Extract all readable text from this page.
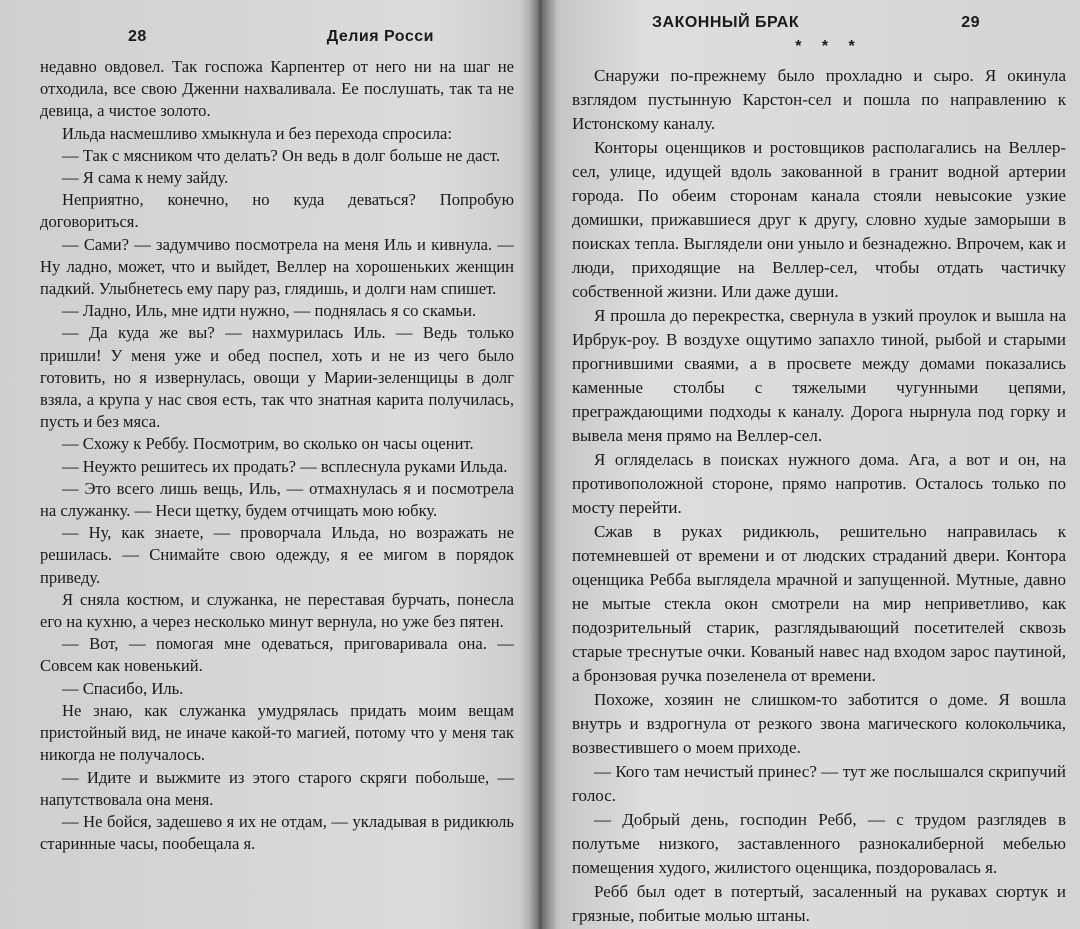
28	Делия Росси

недавно овдовел. Так госпожа Карпентер от него ни на шаг не отходила, все свою Дженни нахваливала. Ее послушать, так та не девица, а чистое золото.

Ильда насмешливо хмыкнула и без перехода спросила:

— Так с мясником что делать? Он ведь в долг больше не даст.

— Я сама к нему зайду.

Неприятно, конечно, но куда деваться? Попробую договориться.

— Сами? — задумчиво посмотрела на меня Иль и кивнула. — Ну ладно, может, что и выйдет, Веллер на хорошеньких женщин падкий. Улыбнетесь ему пару раз, глядишь, и долги нам спишет.

— Ладно, Иль, мне идти нужно, — поднялась я со скамьи.

— Да куда же вы? — нахмурилась Иль. — Ведь только пришли! У меня уже и обед поспел, хоть и не из чего было готовить, но я извернулась, овощи у Марии-зеленщицы в долг взяла, а крупа у нас своя есть, так что знатная карита получилась, пусть и без мяса.

— Схожу к Реббу. Посмотрим, во сколько он часы оценит.

— Неужто решитесь их продать? — всплеснула руками Ильда.

— Это всего лишь вещь, Иль, — отмахнулась я и посмотрела на служанку. — Неси щетку, будем отчищать мою юбку.

— Ну, как знаете, — проворчала Ильда, но возражать не решилась. — Снимайте свою одежду, я ее мигом в порядок приведу.

Я сняла костюм, и служанка, не переставая бурчать, понесла его на кухню, а через несколько минут вернула, но уже без пятен.

— Вот, — помогая мне одеваться, приговаривала она. — Совсем как новенький.

— Спасибо, Иль.

Не знаю, как служанка умудрялась придать моим вещам пристойный вид, не иначе какой-то магией, потому что у меня так никогда не получалось.

— Идите и выжмите из этого старого скряги побольше, — напутствовала она меня.

— Не бойся, задешево я их не отдам, — укладывая в ридикюль старинные часы, пообещала я.

ЗАКОННЫЙ БРАК	29
* * *

Снаружи по-прежнему было прохладно и сыро. Я окинула взглядом пустынную Карстон-сел и пошла по направлению к Истонскому каналу.

Конторы оценщиков и ростовщиков располагались на Веллер-сел, улице, идущей вдоль закованной в гранит водной артерии города. По обеим сторонам канала стояли невысокие узкие домишки, прижавшиеся друг к другу, словно худые заморыши в поисках тепла. Выглядели они уныло и безнадежно. Впрочем, как и люди, приходящие на Веллер-сел, чтобы отдать частичку собственной жизни. Или даже души.

Я прошла до перекрестка, свернула в узкий проулок и вышла на Ирбрук-роу. В воздухе ощутимо запахло тиной, рыбой и старыми прогнившими сваями, а в просвете между домами показались каменные столбы с тяжелыми чугунными цепями, преграждающими подходы к каналу. Дорога нырнула под горку и вывела меня прямо на Веллер-сел.

Я огляделась в поисках нужного дома. Ага, а вот и он, на противоположной стороне, прямо напротив. Осталось только по мосту перейти.

Сжав в руках ридикюль, решительно направилась к потемневшей от времени и от людских страданий двери. Контора оценщика Ребба выглядела мрачной и запущенной. Мутные, давно не мытые стекла окон смотрели на мир неприветливо, как подозрительный старик, разглядывающий посетителей сквозь старые треснутые очки. Кованый навес над входом зарос паутиной, а бронзовая ручка позеленела от времени.

Похоже, хозяин не слишком-то заботится о доме. Я вошла внутрь и вздрогнула от резкого звона магического колокольчика, возвестившего о моем приходе.

— Кого там нечистый принес? — тут же послышался скрипучий голос.

— Добрый день, господин Ребб, — с трудом разглядев в полутьме низкого, заставленного разнокалиберной мебелью помещения худого, жилистого оценщика, поздоровалась я.

Ребб был одет в потертый, засаленный на рукавах сюртук и грязные, побитые молью штаны.
